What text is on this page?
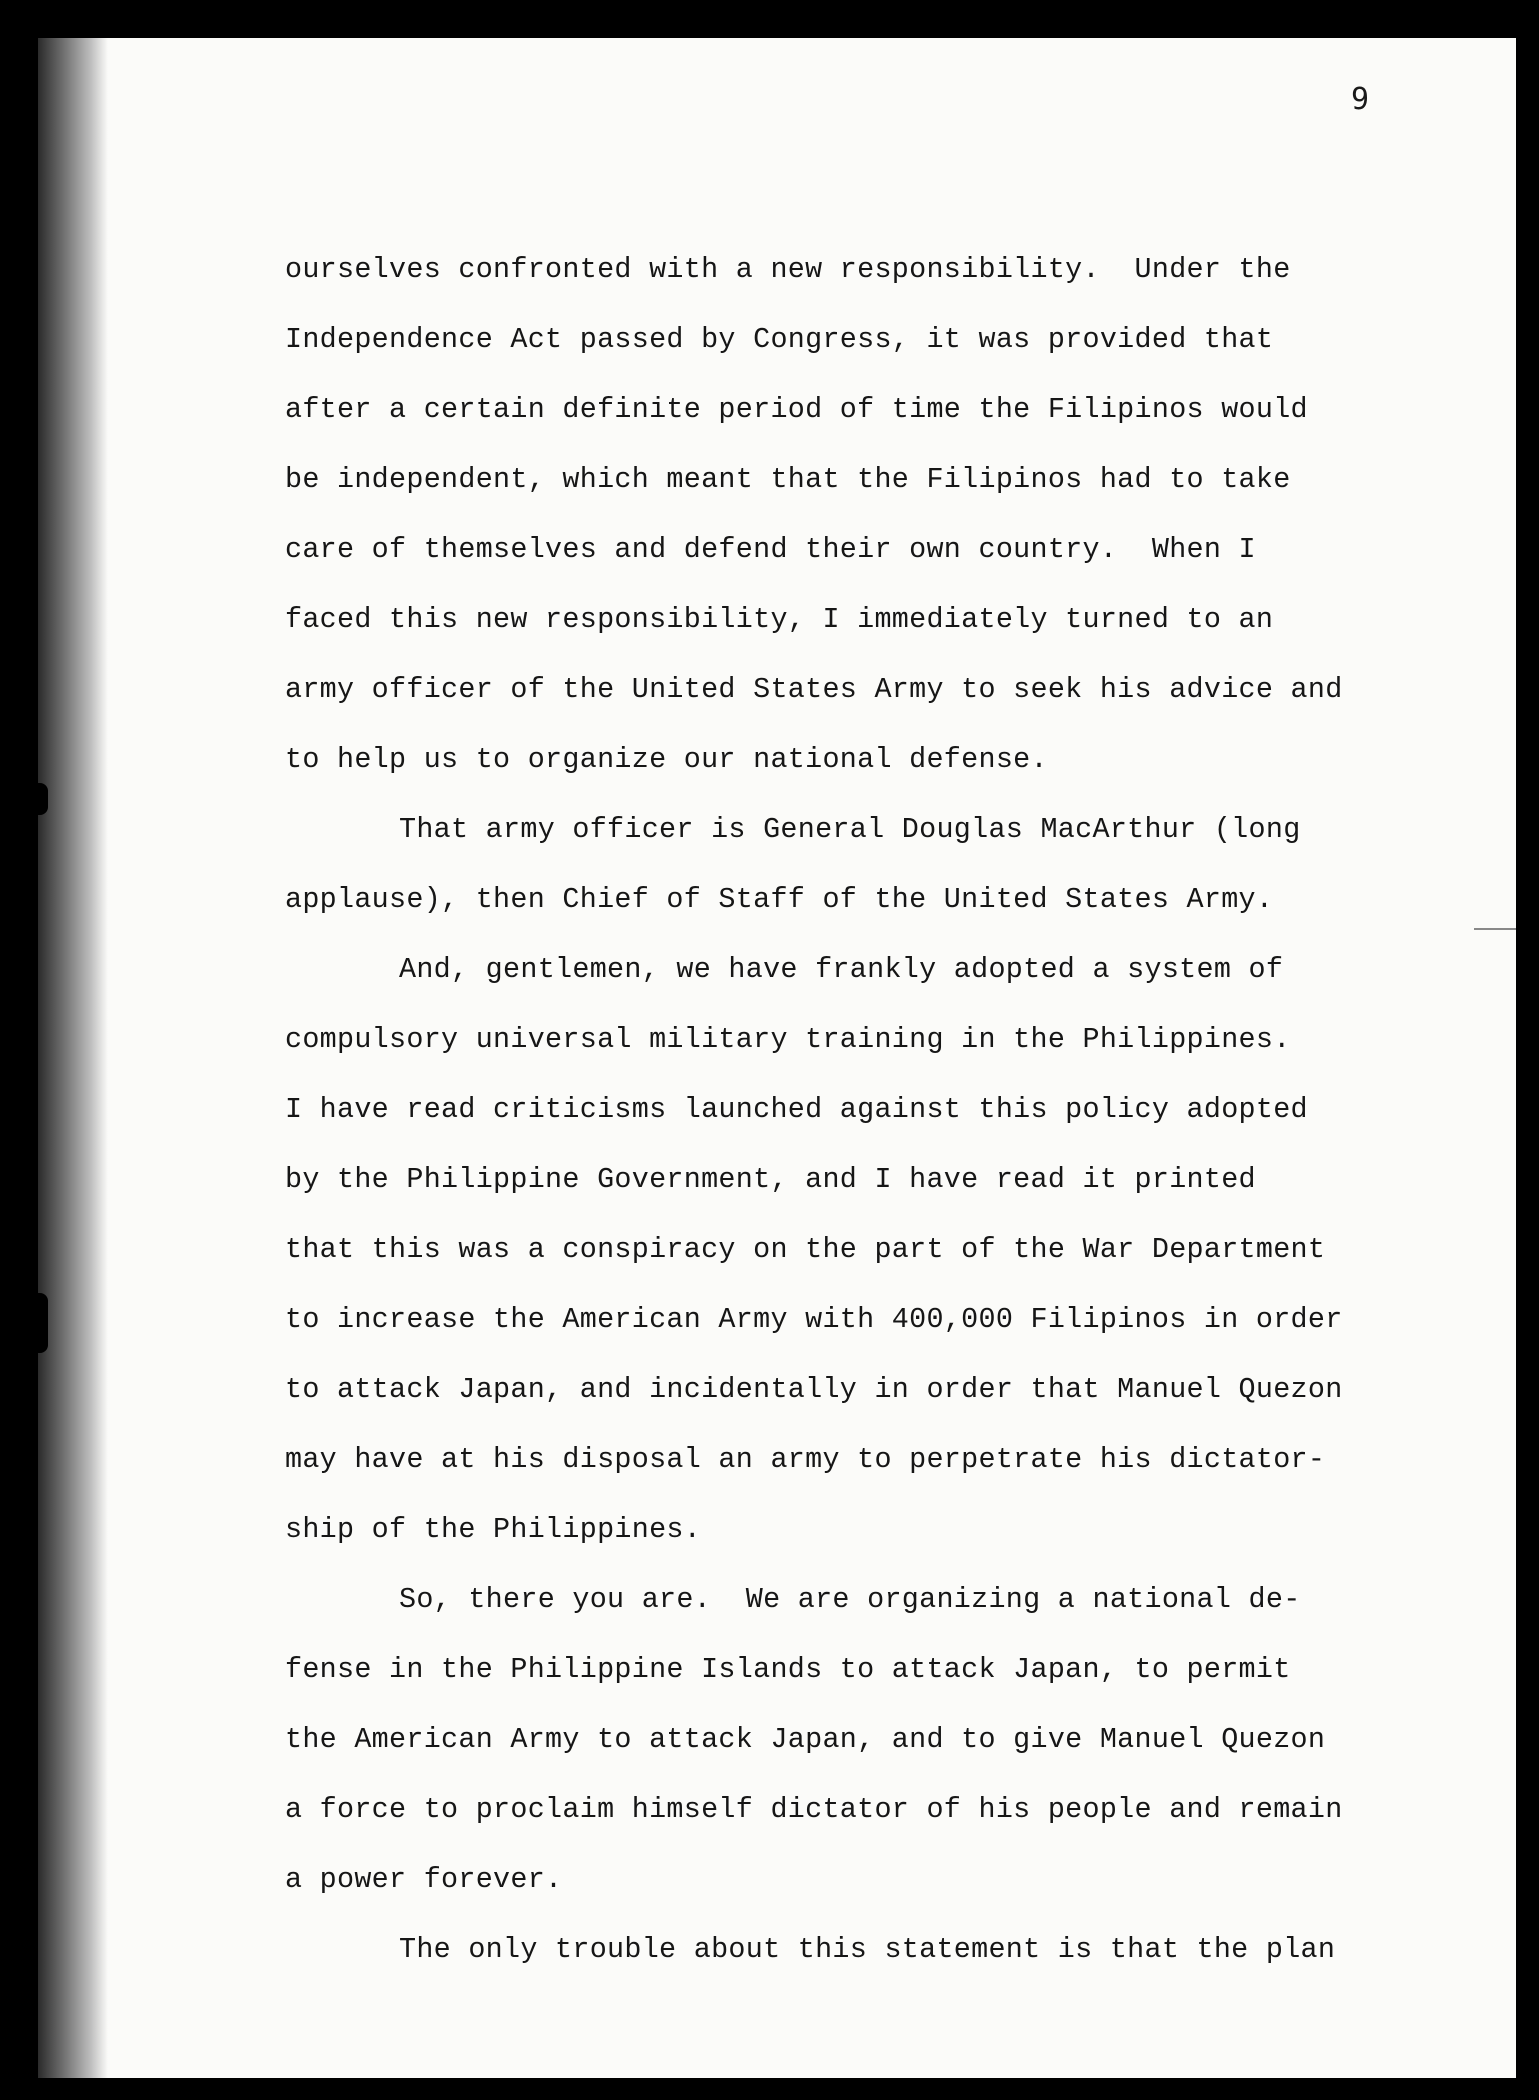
9
ourselves confronted with a new responsibility.  Under the
Independence Act passed by Congress, it was provided that
after a certain definite period of time the Filipinos would
be independent, which meant that the Filipinos had to take
care of themselves and defend their own country.  When I
faced this new responsibility, I immediately turned to an
army officer of the United States Army to seek his advice and
to help us to organize our national defense.
That army officer is General Douglas MacArthur (long
applause), then Chief of Staff of the United States Army.
And, gentlemen, we have frankly adopted a system of
compulsory universal military training in the Philippines.
I have read criticisms launched against this policy adopted
by the Philippine Government, and I have read it printed
that this was a conspiracy on the part of the War Department
to increase the American Army with 400,000 Filipinos in order
to attack Japan, and incidentally in order that Manuel Quezon
may have at his disposal an army to perpetrate his dictator-
ship of the Philippines.
So, there you are.  We are organizing a national de-
fense in the Philippine Islands to attack Japan, to permit
the American Army to attack Japan, and to give Manuel Quezon
a force to proclaim himself dictator of his people and remain
a power forever.
The only trouble about this statement is that the plan
